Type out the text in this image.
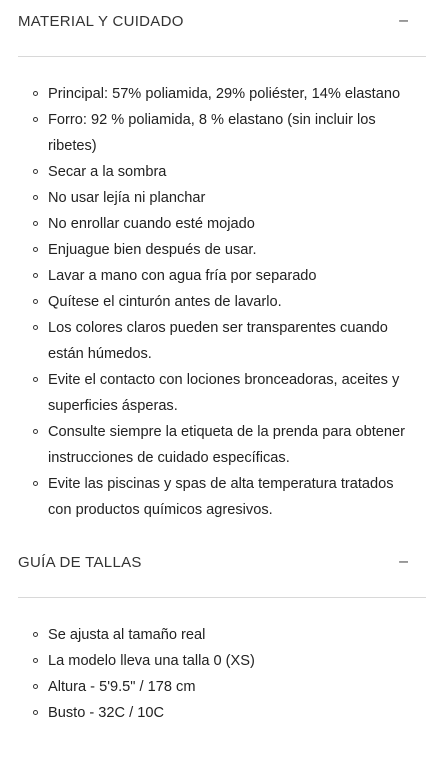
MATERIAL Y CUIDADO	–
Principal: 57% poliamida, 29% poliéster, 14% elastano
Forro: 92 % poliamida, 8 % elastano (sin incluir los ribetes)
Secar a la sombra
No usar lejía ni planchar
No enrollar cuando esté mojado
Enjuague bien después de usar.
Lavar a mano con agua fría por separado
Quítese el cinturón antes de lavarlo.
Los colores claros pueden ser transparentes cuando están húmedos.
Evite el contacto con lociones bronceadoras, aceites y superficies ásperas.
Consulte siempre la etiqueta de la prenda para obtener instrucciones de cuidado específicas.
Evite las piscinas y spas de alta temperatura tratados con productos químicos agresivos.
GUÍA DE TALLAS	–
Se ajusta al tamaño real
La modelo lleva una talla 0 (XS)
Altura - 5'9.5" / 178 cm
Busto - 32C / 10C
